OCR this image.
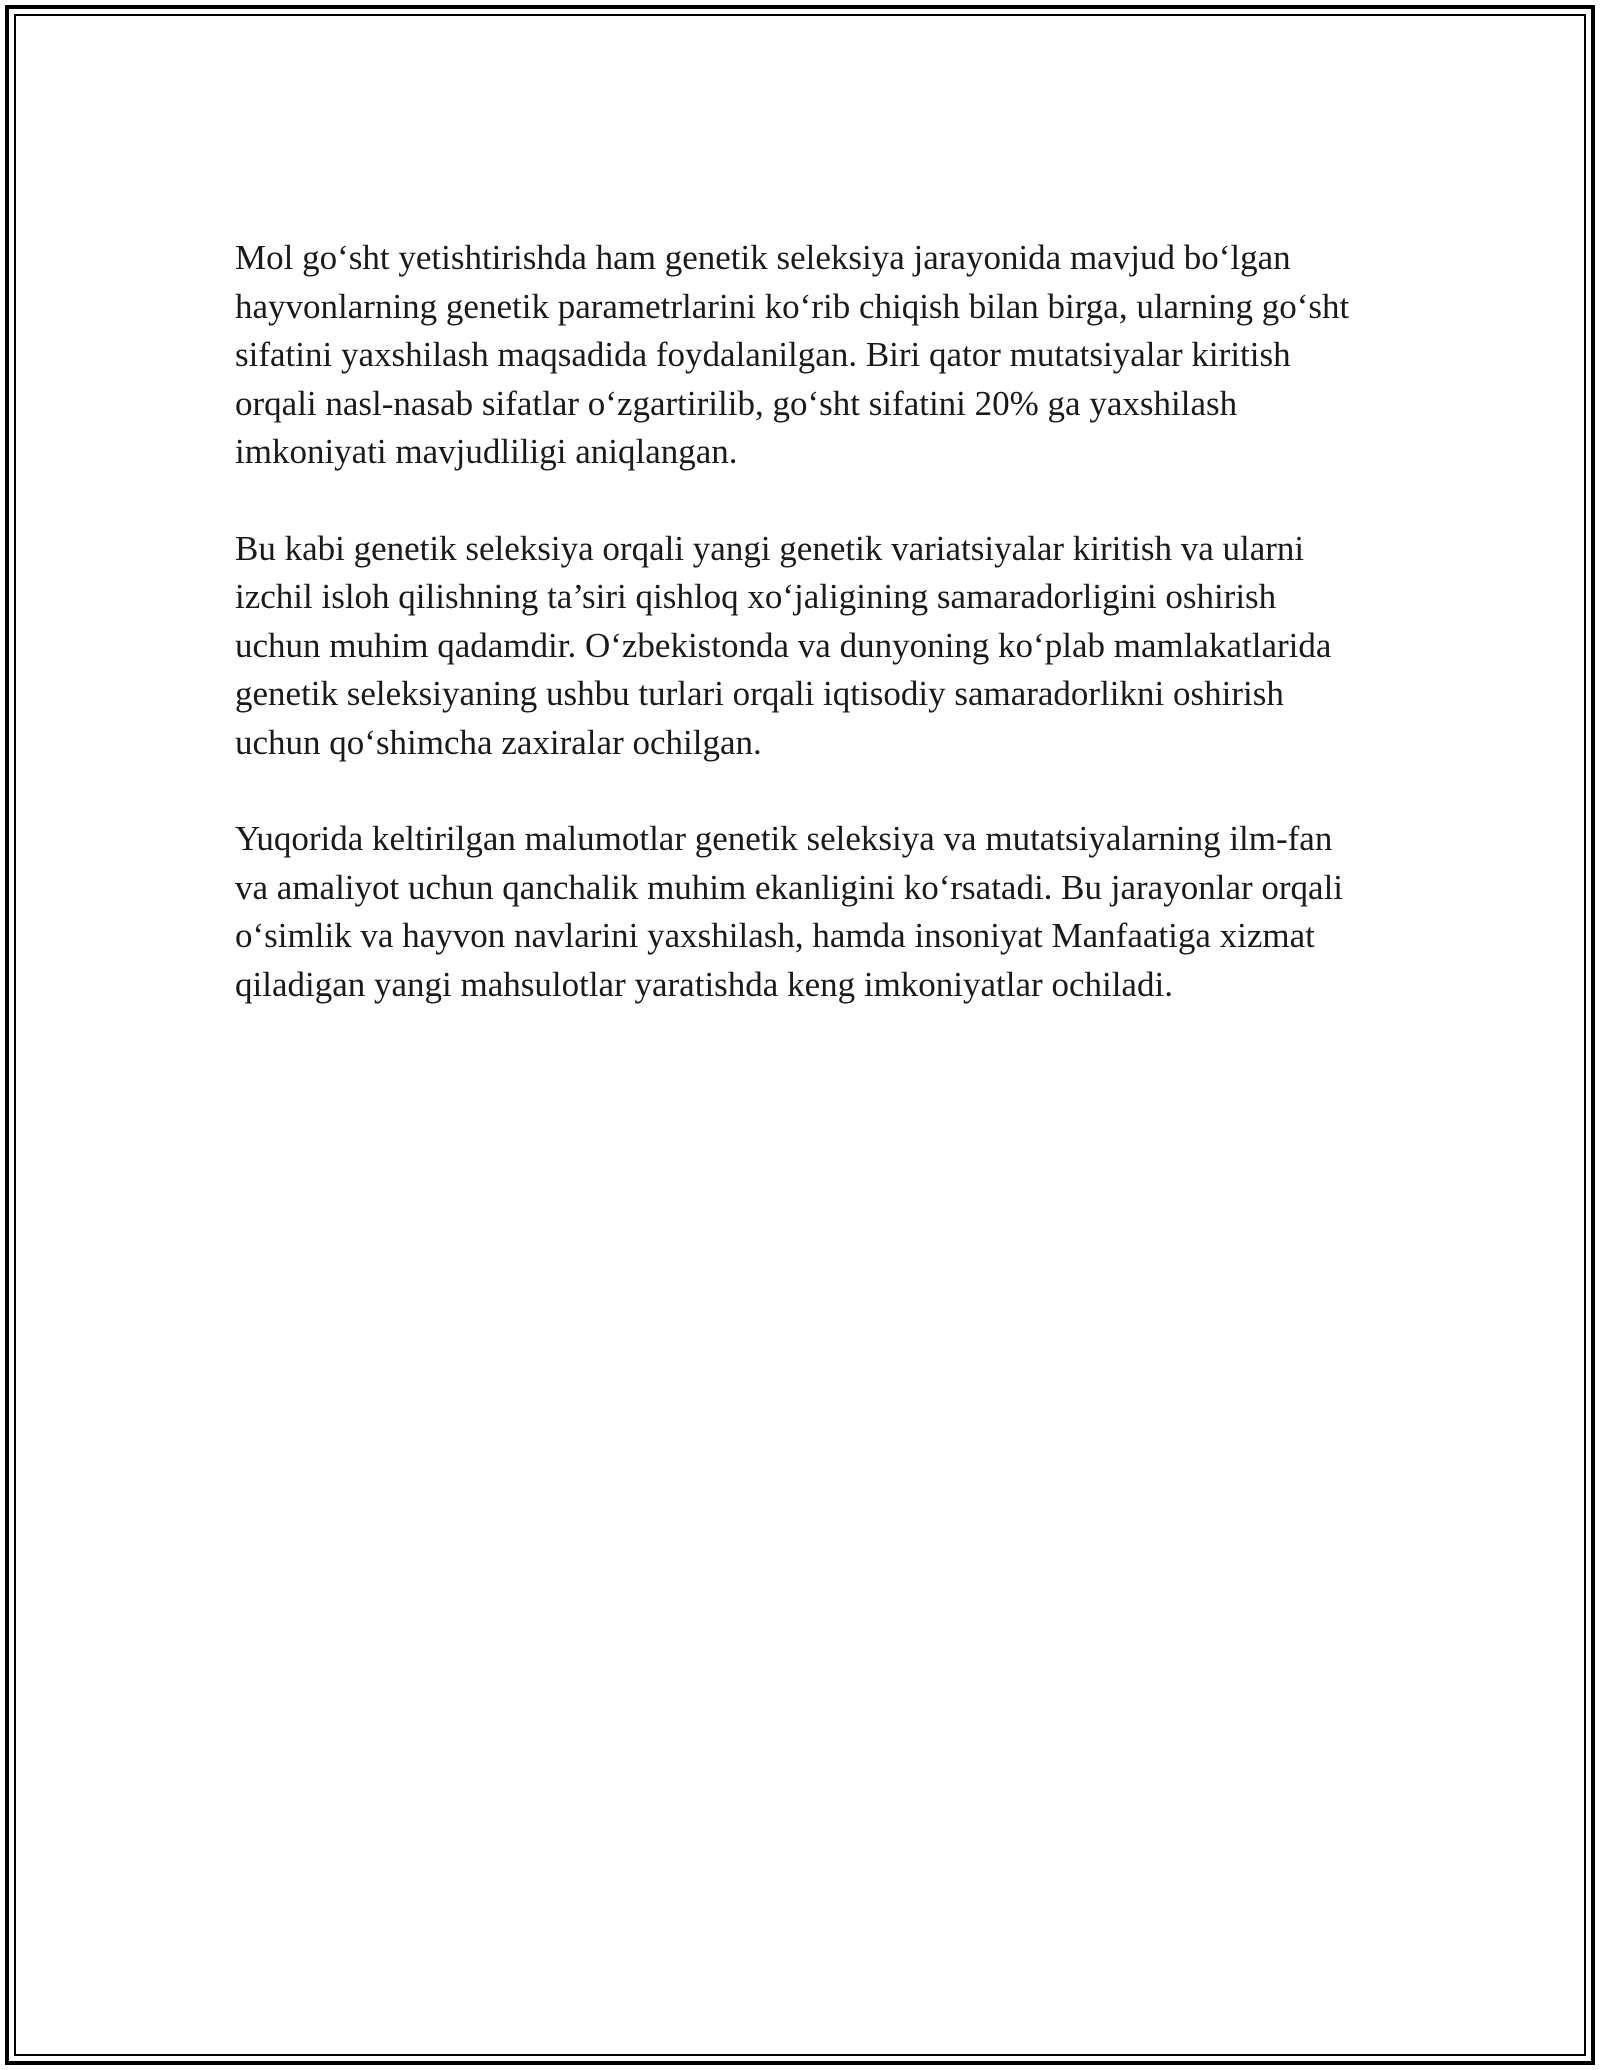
Mol go‘sht yetishtirishda ham genetik seleksiya jarayonida mavjud bo‘lgan hayvonlarning genetik parametrlarini ko‘rib chiqish bilan birga, ularning go‘sht sifatini yaxshilash maqsadida foydalanilgan. Biri qator mutatsiyalar kiritish orqali nasl-nasab sifatlar o‘zgartirilib, go‘sht sifatini 20% ga yaxshilash imkoniyati mavjudliligi aniqlangan.

Bu kabi genetik seleksiya orqali yangi genetik variatsiyalar kiritish va ularni izchil isloh qilishning ta’siri qishloq xo‘jaligining samaradorligini oshirish uchun muhim qadamdir. O‘zbekistonda va dunyoning ko‘plab mamlakatlarida genetik seleksiyaning ushbu turlari orqali iqtisodiy samaradorlikni oshirish uchun qo‘shimcha zaxiralar ochilgan.

Yuqorida keltirilgan malumotlar genetik seleksiya va mutatsiyalarning ilm-fan va amaliyot uchun qanchalik muhim ekanligini ko‘rsatadi. Bu jarayonlar orqali o‘simlik va hayvon navlarini yaxshilash, hamda insoniyat Manfaatiga xizmat qiladigan yangi mahsulotlar yaratishda keng imkoniyatlar ochiladi.
